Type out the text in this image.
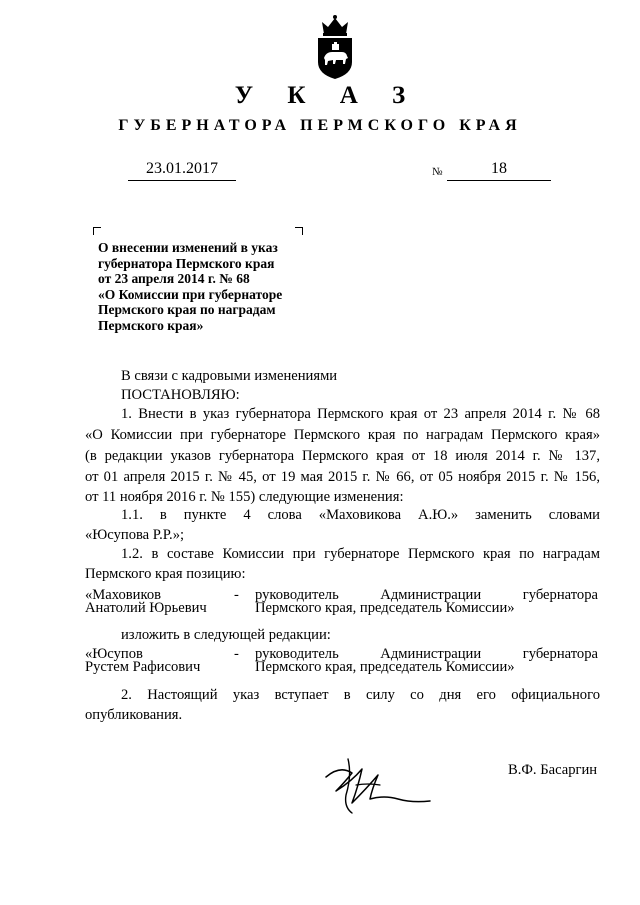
У К А З
ГУБЕРНАТОРА ПЕРМСКОГО КРАЯ
23.01.2017	№	18
О внесении изменений в указ
губернатора Пермского края
от 23 апреля 2014 г. № 68
«О Комиссии при губернаторе
Пермского края по наградам
Пермского края»
В связи с кадровыми изменениями
ПОСТАНОВЛЯЮ:
1. Внести в указ губернатора Пермского края от 23 апреля 2014 г. № 68
«О Комиссии при губернаторе Пермского края по наградам Пермского края»
(в редакции указов губернатора Пермского края от 18 июля 2014 г. № 137,
от 01 апреля 2015 г. № 45, от 19 мая 2015 г. № 66, от 05 ноября 2015 г. № 156,
от 11 ноября 2016 г. № 155) следующие изменения:
1.1. в пункте 4 слова «Маховикова А.Ю.» заменить словами
«Юсупова Р.Р.»;
1.2. в составе Комиссии при губернаторе Пермского края по наградам
Пермского края позицию:
«Маховиков
Анатолий Юрьевич
- руководитель Администрации губернатора
Пермского края, председатель Комиссии»
изложить в следующей редакции:
«Юсупов
Рустем Рафисович
- руководитель Администрации губернатора
Пермского края, председатель Комиссии»
2. Настоящий указ вступает в силу со дня его официального
опубликования.
В.Ф. Басаргин
